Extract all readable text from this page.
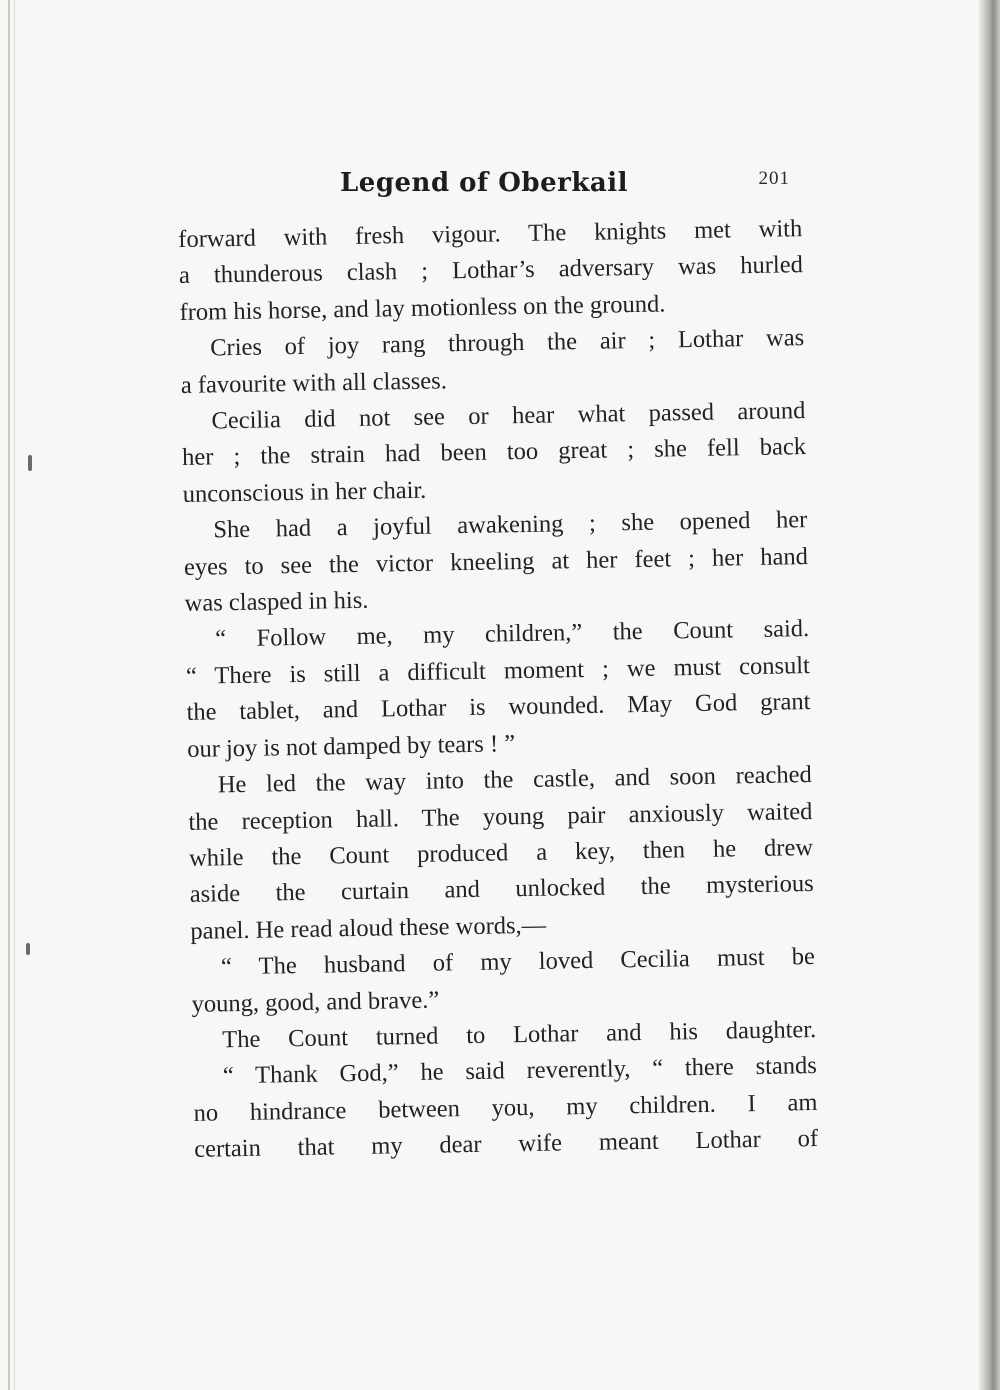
Legend of Oberkail	201
forward with fresh vigour. The knights met with
a thunderous clash ; Lothar’s adversary was hurled
from his horse, and lay motionless on the ground.
Cries of joy rang through the air ; Lothar was
a favourite with all classes.
Cecilia did not see or hear what passed around
her ; the strain had been too great ; she fell back
unconscious in her chair.
She had a joyful awakening ; she opened her
eyes to see the victor kneeling at her feet ; her hand
was clasped in his.
“ Follow me, my children,” the Count said.
“ There is still a difficult moment ; we must consult
the tablet, and Lothar is wounded. May God grant
our joy is not damped by tears ! ”
He led the way into the castle, and soon reached
the reception hall. The young pair anxiously waited
while the Count produced a key, then he drew
aside the curtain and unlocked the mysterious
panel. He read aloud these words,—
“ The husband of my loved Cecilia must be
young, good, and brave.”
The Count turned to Lothar and his daughter.
“ Thank God,” he said reverently, “ there stands
no hindrance between you, my children. I am
certain that my dear wife meant Lothar of
